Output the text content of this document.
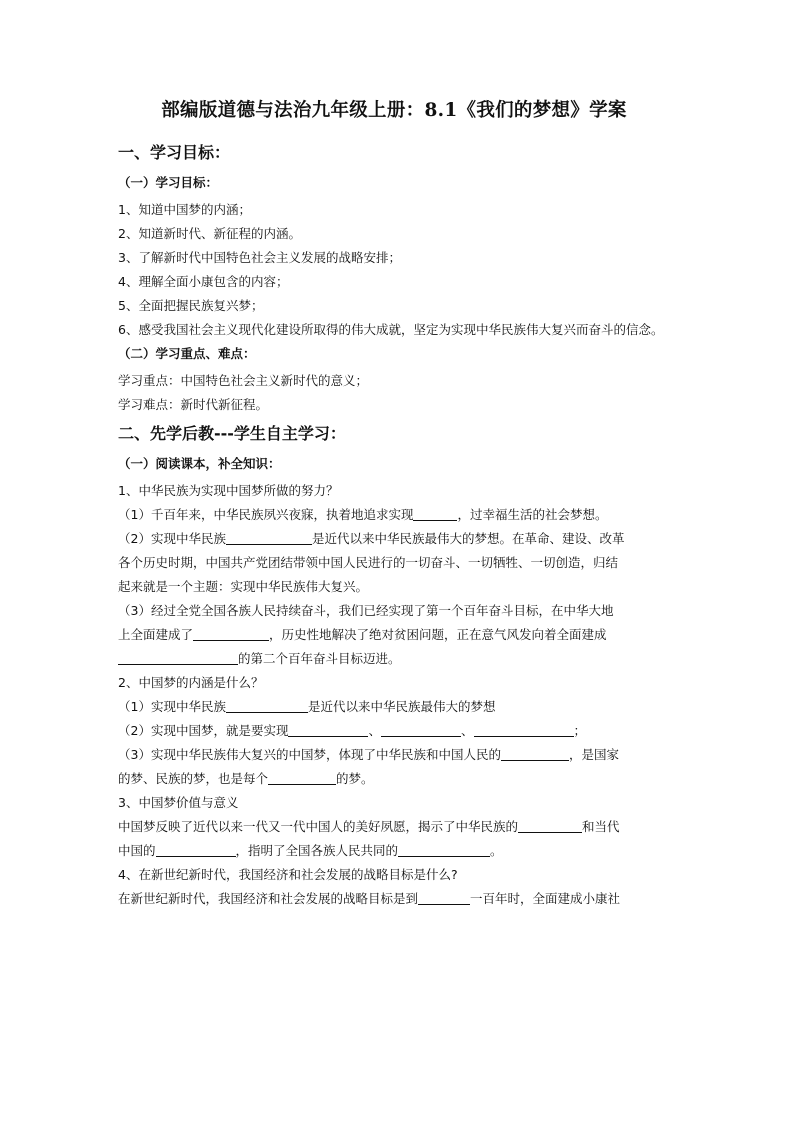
部编版道德与法治九年级上册：8.1《我们的梦想》学案
一、学习目标：
（一）学习目标：
1、知道中国梦的内涵；
2、知道新时代、新征程的内涵。
3、了解新时代中国特色社会主义发展的战略安排；
4、理解全面小康包含的内容；
5、全面把握民族复兴梦；
6、感受我国社会主义现代化建设所取得的伟大成就，坚定为实现中华民族伟大复兴而奋斗的信念。
（二）学习重点、难点：
学习重点：中国特色社会主义新时代的意义；
学习难点：新时代新征程。
二、先学后教---学生自主学习：
（一）阅读课本，补全知识：
1、中华民族为实现中国梦所做的努力？
（1）千百年来，中华民族夙兴夜寐，执着地追求实现	，过幸福生活的社会梦想。
（2）实现中华民族	是近代以来中华民族最伟大的梦想。在革命、建设、改革
各个历史时期，中国共产党团结带领中国人民进行的一切奋斗、一切牺牲、一切创造，归结
起来就是一个主题：实现中华民族伟大复兴。
（3）经过全党全国各族人民持续奋斗，我们已经实现了第一个百年奋斗目标，在中华大地
上全面建成了	，历史性地解决了绝对贫困问题，正在意气风发向着全面建成
的第二个百年奋斗目标迈进。
2、中国梦的内涵是什么？
（1）实现中华民族	是近代以来中华民族最伟大的梦想
（2）实现中国梦，就是要实现	、	、	；
（3）实现中华民族伟大复兴的中国梦，体现了中华民族和中国人民的	，是国家
的梦、民族的梦，也是每个	的梦。
3、中国梦价值与意义
中国梦反映了近代以来一代又一代中国人的美好夙愿，揭示了中华民族的	和当代
中国的	，指明了全国各族人民共同的	。
4、在新世纪新时代，我国经济和社会发展的战略目标是什么?
在新世纪新时代，我国经济和社会发展的战略目标是到	一百年时，全面建成小康社
